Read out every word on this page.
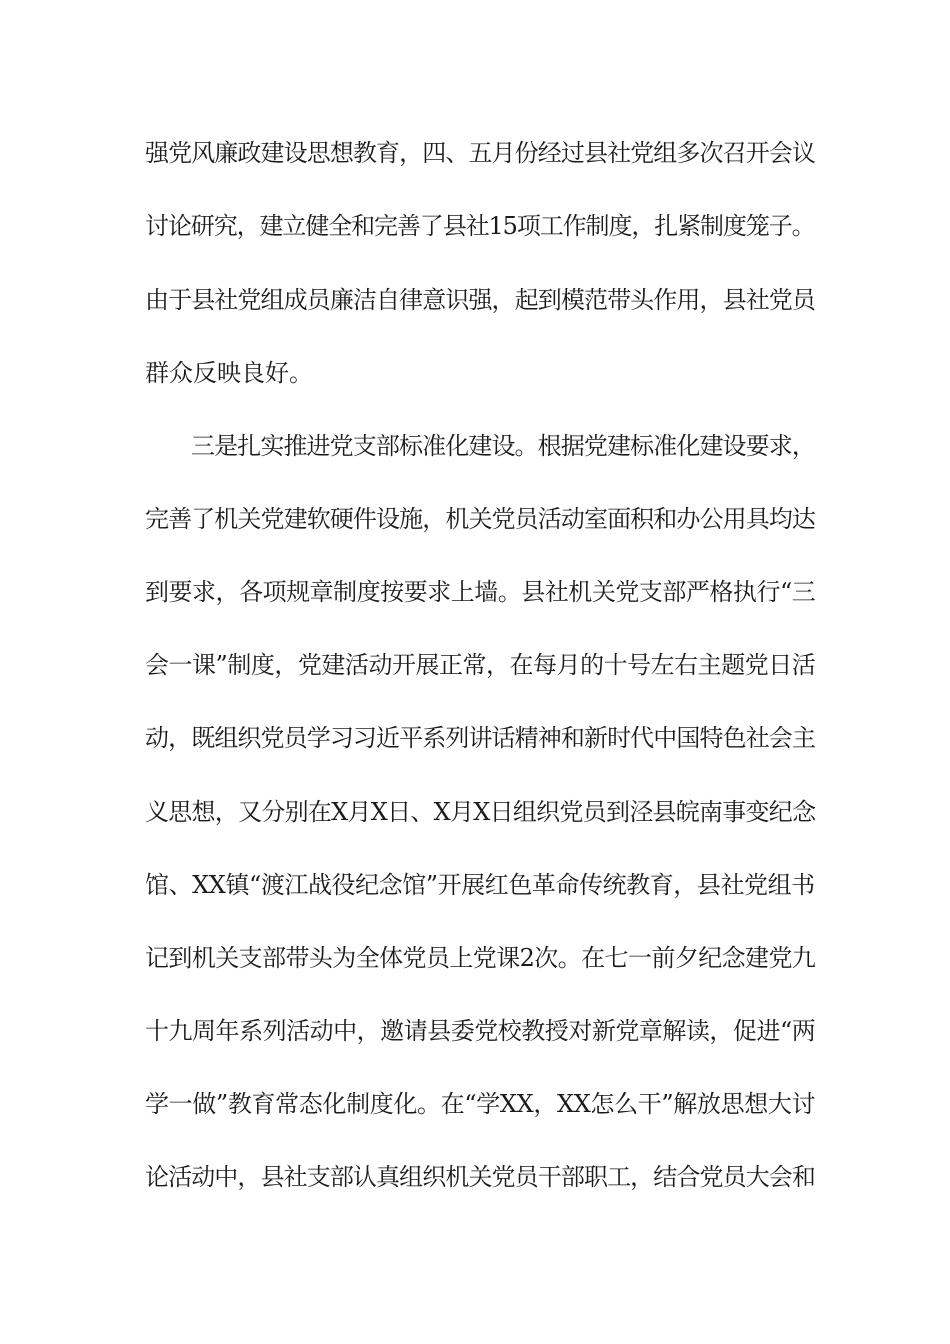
强党风廉政建设思想教育，四、五月份经过县社党组多次召开会议
讨论研究，建立健全和完善了县社15项工作制度，扎紧制度笼子。
由于县社党组成员廉洁自律意识强，起到模范带头作用，县社党员
群众反映良好。
三是扎实推进党支部标准化建设。根据党建标准化建设要求，
完善了机关党建软硬件设施，机关党员活动室面积和办公用具均达
到要求，各项规章制度按要求上墙。县社机关党支部严格执行“三
会一课”制度，党建活动开展正常，在每月的十号左右主题党日活
动，既组织党员学习习近平系列讲话精神和新时代中国特色社会主
义思想，又分别在X月X日、X月X日组织党员到泾县皖南事变纪念
馆、XX镇“渡江战役纪念馆”开展红色革命传统教育，县社党组书
记到机关支部带头为全体党员上党课2次。在七一前夕纪念建党九
十九周年系列活动中，邀请县委党校教授对新党章解读，促进“两
学一做”教育常态化制度化。在“学XX，XX怎么干”解放思想大讨
论活动中，县社支部认真组织机关党员干部职工，结合党员大会和
